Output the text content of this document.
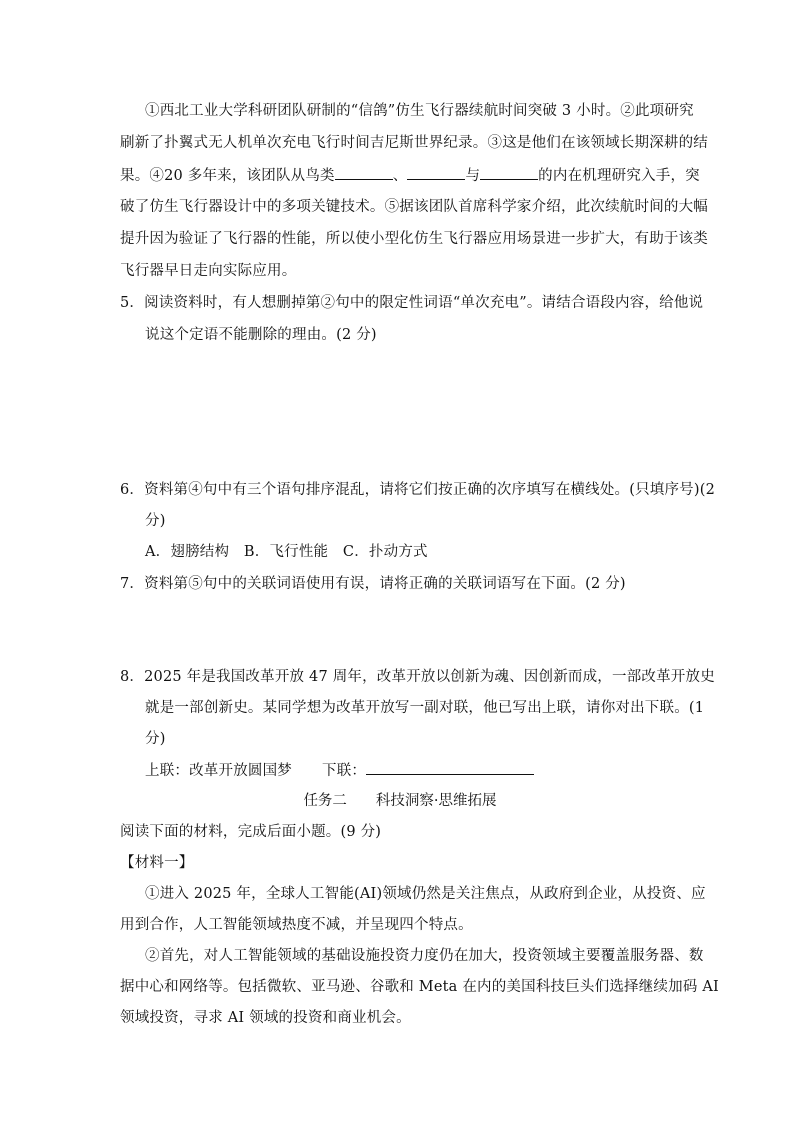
①西北工业大学科研团队研制的“信鸽”仿生飞行器续航时间突破 3 小时。②此项研究
刷新了扑翼式无人机单次充电飞行时间吉尼斯世界纪录。③这是他们在该领域长期深耕的结
果。④20 多年来，该团队从鸟类	、	与	的内在机理研究入手，突
破了仿生飞行器设计中的多项关键技术。⑤据该团队首席科学家介绍，此次续航时间的大幅
提升因为验证了飞行器的性能，所以使小型化仿生飞行器应用场景进一步扩大，有助于该类
飞行器早日走向实际应用。
5．阅读资料时，有人想删掉第②句中的限定性词语“单次充电”。请结合语段内容，给他说
说这个定语不能删除的理由。(2 分)
6．资料第④句中有三个语句排序混乱，请将它们按正确的次序填写在横线处。(只填序号)(2
分)
A．翅膀结构　B．飞行性能　C．扑动方式
7．资料第⑤句中的关联词语使用有误，请将正确的关联词语写在下面。(2 分)
8．2025 年是我国改革开放 47 周年，改革开放以创新为魂、因创新而成，一部改革开放史
就是一部创新史。某同学想为改革开放写一副对联，他已写出上联，请你对出下联。(1
分)
上联：改革开放圆国梦 下联：
任务二　　科技洞察·思维拓展
阅读下面的材料，完成后面小题。(9 分)
【材料一】
①进入 2025 年，全球人工智能(AI)领域仍然是关注焦点，从政府到企业，从投资、应
用到合作，人工智能领域热度不减，并呈现四个特点。
②首先，对人工智能领域的基础设施投资力度仍在加大，投资领域主要覆盖服务器、数
据中心和网络等。包括微软、亚马逊、谷歌和 Meta 在内的美国科技巨头们选择继续加码 AI
领域投资，寻求 AI 领域的投资和商业机会。
